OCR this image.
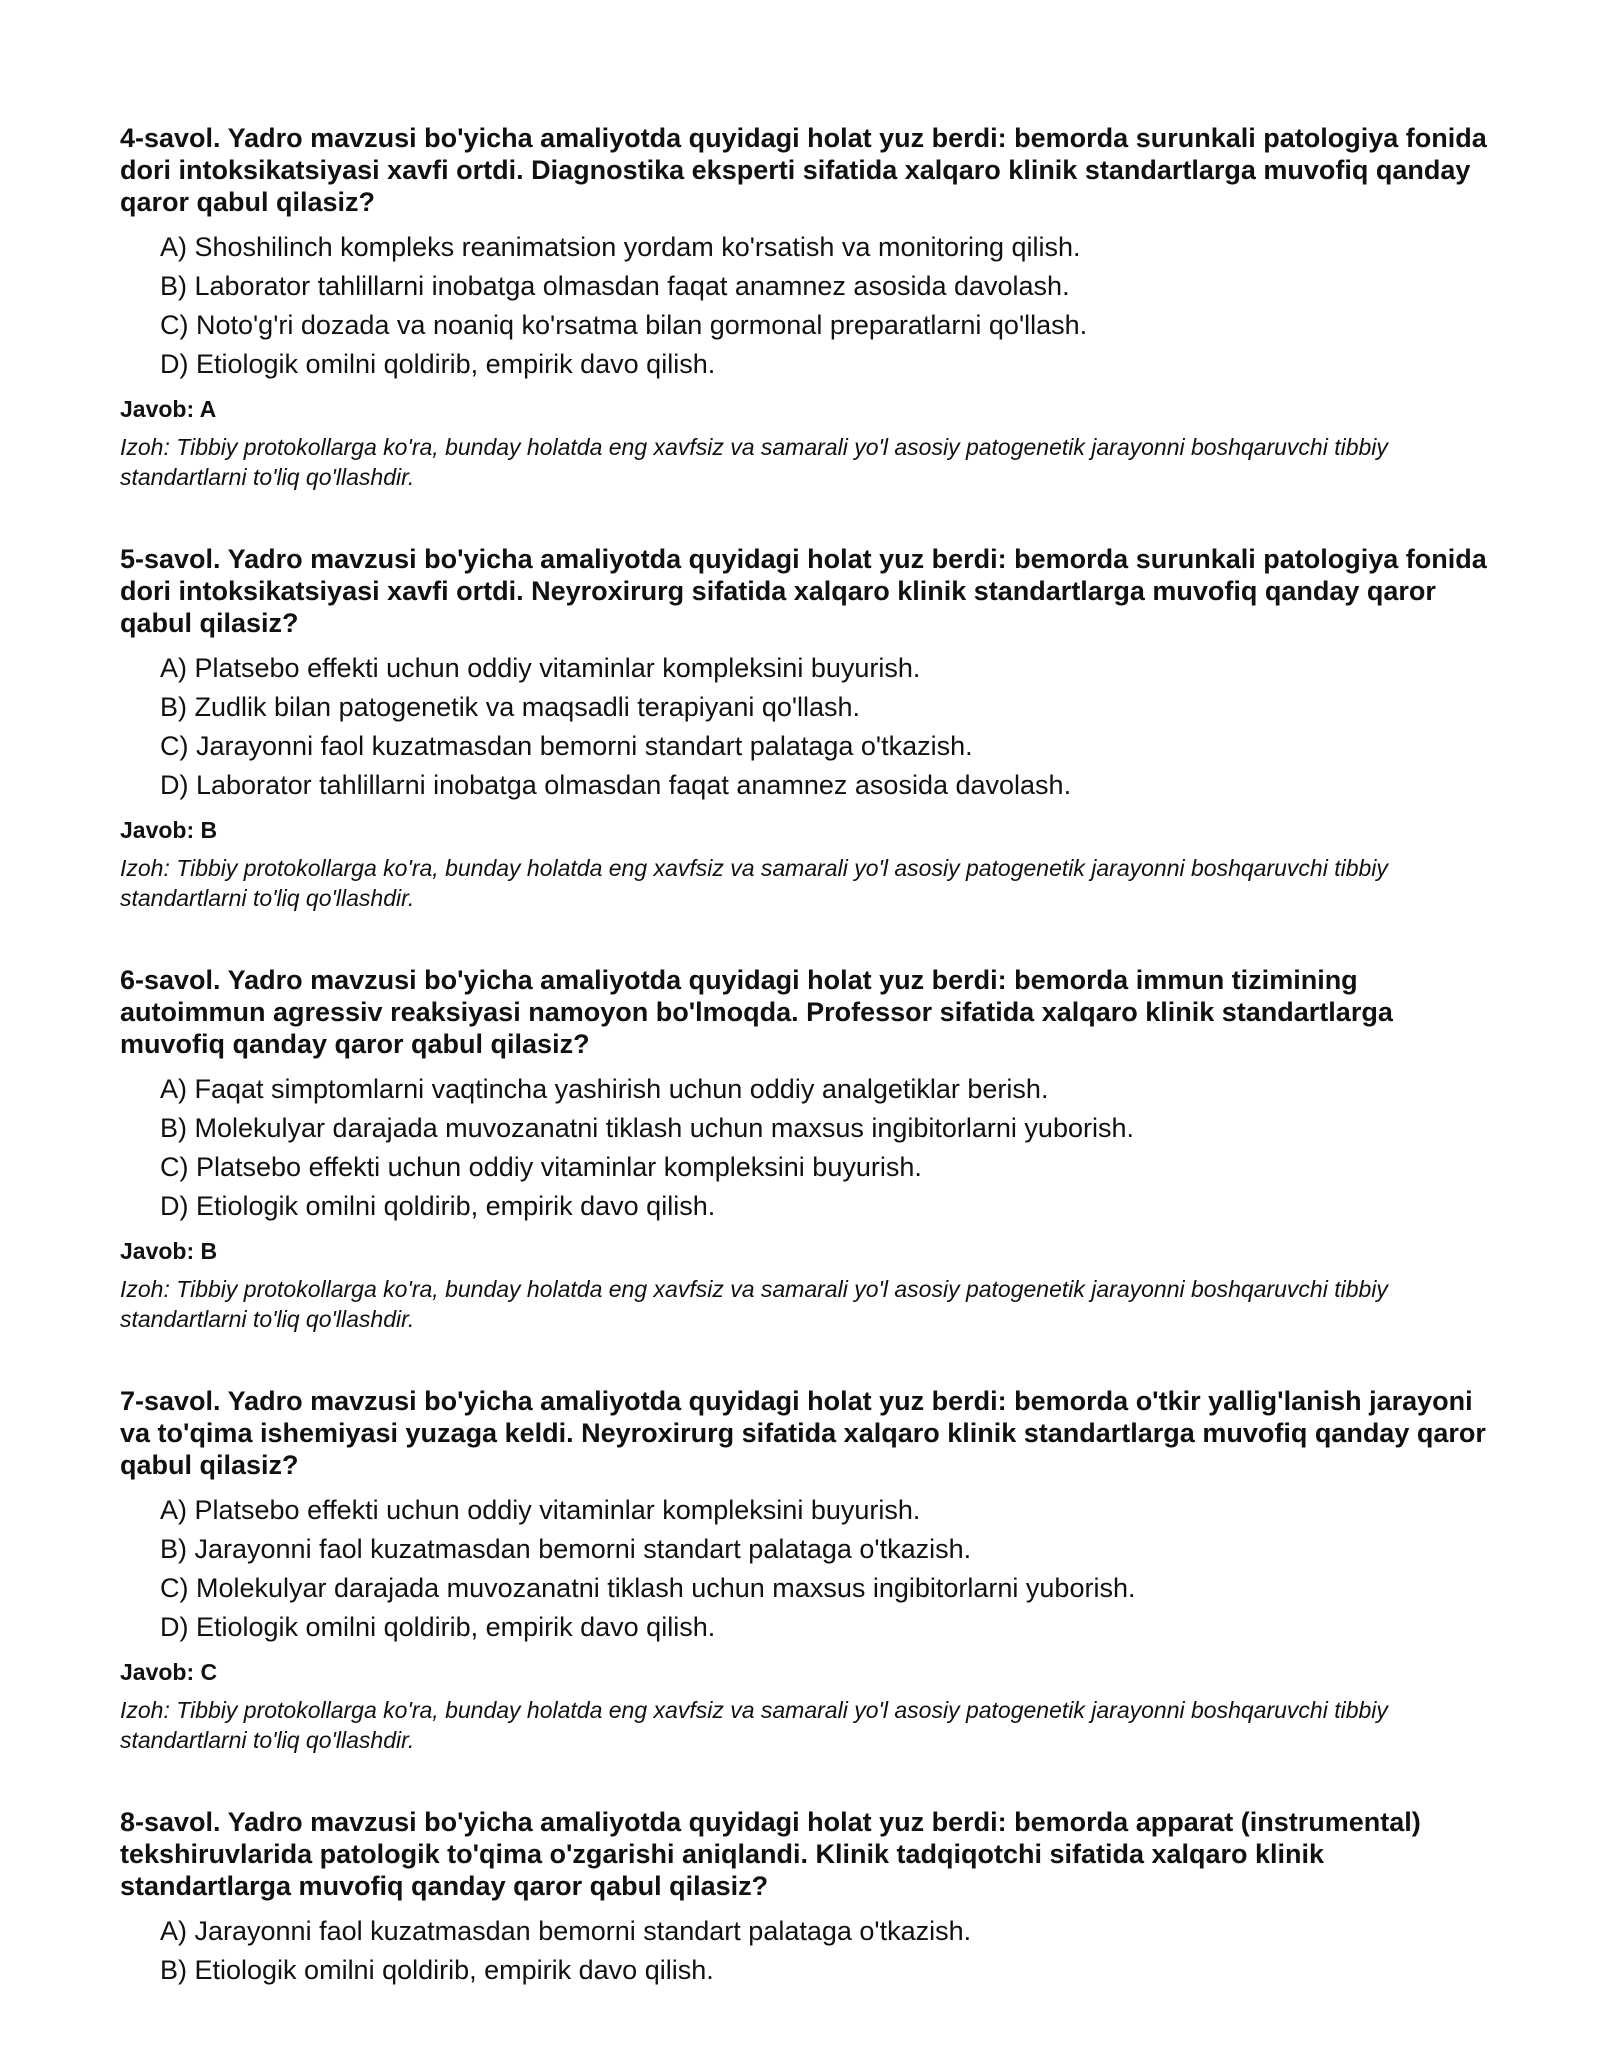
4-savol. Yadro mavzusi bo'yicha amaliyotda quyidagi holat yuz berdi: bemorda surunkali patologiya fonida dori intoksikatsiyasi xavfi ortdi. Diagnostika eksperti sifatida xalqaro klinik standartlarga muvofiq qanday qaror qabul qilasiz?

A) Shoshilinch kompleks reanimatsion yordam ko'rsatish va monitoring qilish.
B) Laborator tahlillarni inobatga olmasdan faqat anamnez asosida davolash.
C) Noto'g'ri dozada va noaniq ko'rsatma bilan gormonal preparatlarni qo'llash.
D) Etiologik omilni qoldirib, empirik davo qilish.

Javob: A

Izoh: Tibbiy protokollarga ko'ra, bunday holatda eng xavfsiz va samarali yo'l asosiy patogenetik jarayonni boshqaruvchi tibbiy standartlarni to'liq qo'llashdir.

5-savol. Yadro mavzusi bo'yicha amaliyotda quyidagi holat yuz berdi: bemorda surunkali patologiya fonida dori intoksikatsiyasi xavfi ortdi. Neyroxirurg sifatida xalqaro klinik standartlarga muvofiq qanday qaror qabul qilasiz?

A) Platsebo effekti uchun oddiy vitaminlar kompleksini buyurish.
B) Zudlik bilan patogenetik va maqsadli terapiyani qo'llash.
C) Jarayonni faol kuzatmasdan bemorni standart palataga o'tkazish.
D) Laborator tahlillarni inobatga olmasdan faqat anamnez asosida davolash.

Javob: B

Izoh: Tibbiy protokollarga ko'ra, bunday holatda eng xavfsiz va samarali yo'l asosiy patogenetik jarayonni boshqaruvchi tibbiy standartlarni to'liq qo'llashdir.

6-savol. Yadro mavzusi bo'yicha amaliyotda quyidagi holat yuz berdi: bemorda immun tizimining autoimmun agressiv reaksiyasi namoyon bo'lmoqda. Professor sifatida xalqaro klinik standartlarga muvofiq qanday qaror qabul qilasiz?

A) Faqat simptomlarni vaqtincha yashirish uchun oddiy analgetiklar berish.
B) Molekulyar darajada muvozanatni tiklash uchun maxsus ingibitorlarni yuborish.
C) Platsebo effekti uchun oddiy vitaminlar kompleksini buyurish.
D) Etiologik omilni qoldirib, empirik davo qilish.

Javob: B

Izoh: Tibbiy protokollarga ko'ra, bunday holatda eng xavfsiz va samarali yo'l asosiy patogenetik jarayonni boshqaruvchi tibbiy standartlarni to'liq qo'llashdir.

7-savol. Yadro mavzusi bo'yicha amaliyotda quyidagi holat yuz berdi: bemorda o'tkir yallig'lanish jarayoni va to'qima ishemiyasi yuzaga keldi. Neyroxirurg sifatida xalqaro klinik standartlarga muvofiq qanday qaror qabul qilasiz?

A) Platsebo effekti uchun oddiy vitaminlar kompleksini buyurish.
B) Jarayonni faol kuzatmasdan bemorni standart palataga o'tkazish.
C) Molekulyar darajada muvozanatni tiklash uchun maxsus ingibitorlarni yuborish.
D) Etiologik omilni qoldirib, empirik davo qilish.

Javob: C

Izoh: Tibbiy protokollarga ko'ra, bunday holatda eng xavfsiz va samarali yo'l asosiy patogenetik jarayonni boshqaruvchi tibbiy standartlarni to'liq qo'llashdir.

8-savol. Yadro mavzusi bo'yicha amaliyotda quyidagi holat yuz berdi: bemorda apparat (instrumental) tekshiruvlarida patologik to'qima o'zgarishi aniqlandi. Klinik tadqiqotchi sifatida xalqaro klinik standartlarga muvofiq qanday qaror qabul qilasiz?

A) Jarayonni faol kuzatmasdan bemorni standart palataga o'tkazish.
B) Etiologik omilni qoldirib, empirik davo qilish.
